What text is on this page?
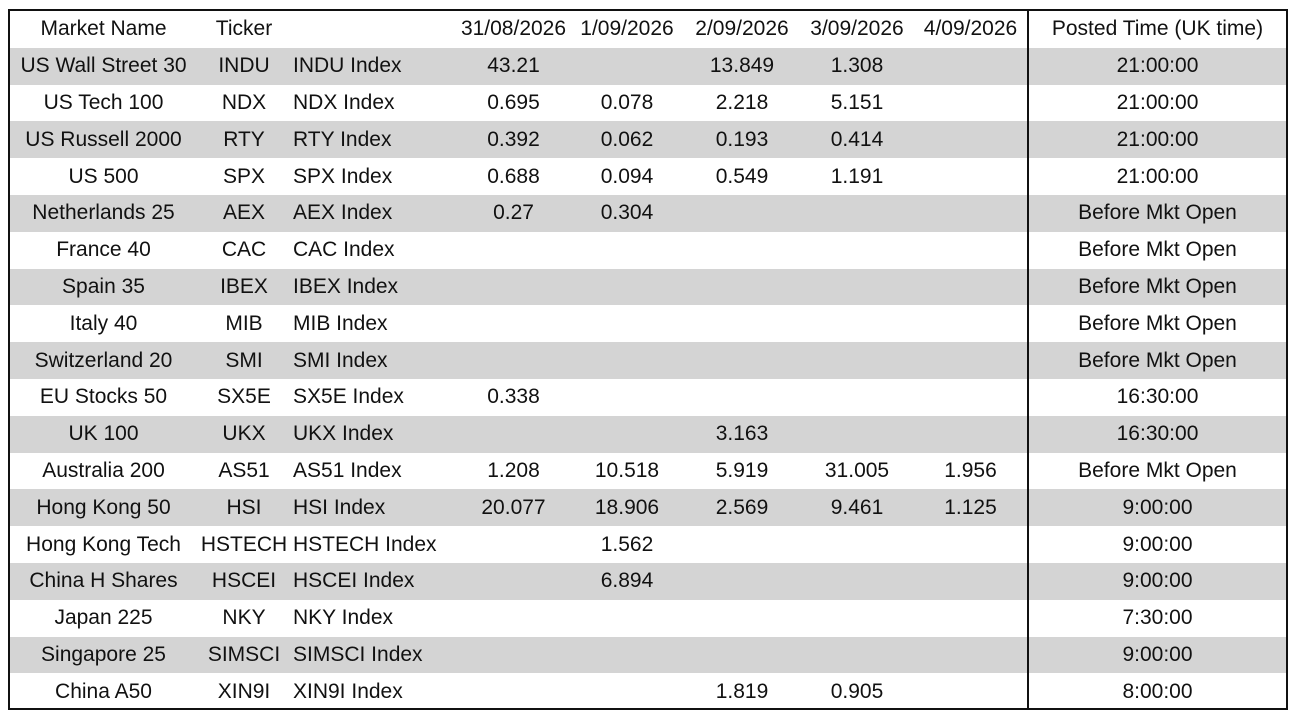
Market Name	Ticker		31/08/2026	1/09/2026	2/09/2026	3/09/2026	4/09/2026	Posted Time (UK time)
US Wall Street 30	INDU	INDU Index	43.21		13.849	1.308		21:00:00
US Tech 100	NDX	NDX Index	0.695	0.078	2.218	5.151		21:00:00
US Russell 2000	RTY	RTY Index	0.392	0.062	0.193	0.414		21:00:00
US 500	SPX	SPX Index	0.688	0.094	0.549	1.191		21:00:00
Netherlands 25	AEX	AEX Index	0.27	0.304				Before Mkt Open
France 40	CAC	CAC Index						Before Mkt Open
Spain 35	IBEX	IBEX Index						Before Mkt Open
Italy 40	MIB	MIB Index						Before Mkt Open
Switzerland 20	SMI	SMI Index						Before Mkt Open
EU Stocks 50	SX5E	SX5E Index	0.338					16:30:00
UK 100	UKX	UKX Index			3.163			16:30:00
Australia 200	AS51	AS51 Index	1.208	10.518	5.919	31.005	1.956	Before Mkt Open
Hong Kong 50	HSI	HSI Index	20.077	18.906	2.569	9.461	1.125	9:00:00
Hong Kong Tech	HSTECH	HSTECH Index		1.562				9:00:00
China H Shares	HSCEI	HSCEI Index		6.894				9:00:00
Japan 225	NKY	NKY Index						7:30:00
Singapore 25	SIMSCI	SIMSCI Index						9:00:00
China A50	XIN9I	XIN9I Index			1.819	0.905		8:00:00
